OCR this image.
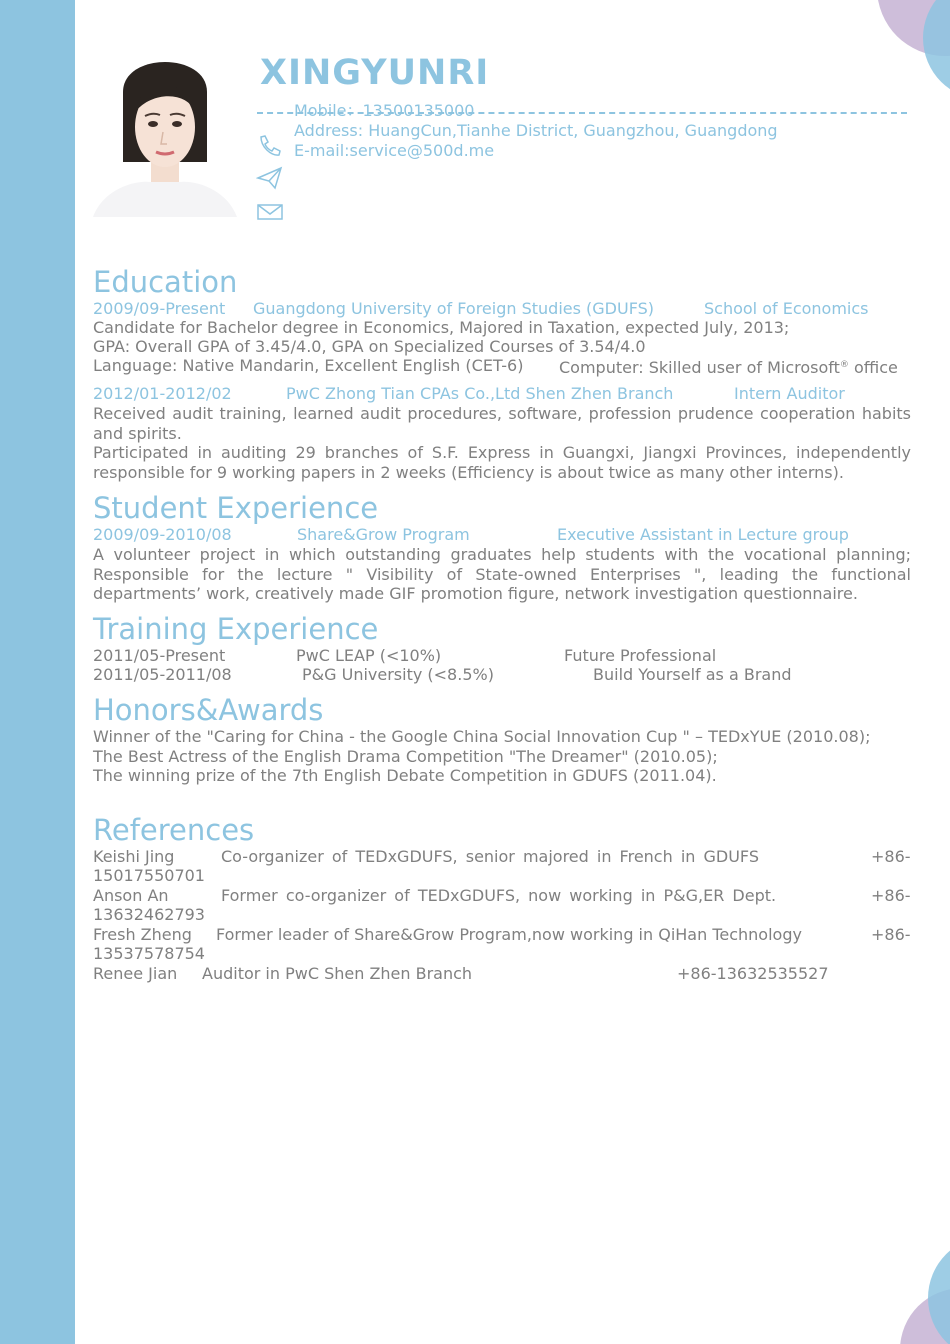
XINGYUNRI
Mobile：13500135000
Address: HuangCun,Tianhe District, Guangzhou, Guangdong
E-mail:service@500d.me
Education
2009/09-Present Guangdong University of Foreign Studies (GDUFS)	School of Economics
Candidate for Bachelor degree in Economics, Majored in Taxation, expected July, 2013;
GPA: Overall GPA of 3.45/4.0, GPA on Specialized Courses of 3.54/4.0
Language: Native Mandarin, Excellent English (CET-6) Computer: Skilled user of Microsoft® office
2012/01-2012/02	PwC Zhong Tian CPAs Co.,Ltd Shen Zhen Branch	Intern Auditor

Received audit training, learned audit procedures, software, profession prudence cooperation habits and spirits.

Participated in auditing 29 branches of S.F. Express in Guangxi, Jiangxi Provinces, independently responsible for 9 working papers in 2 weeks (Efficiency is about twice as many other interns).

Student Experience
2009/09-2010/08	Share&Grow Program	Executive Assistant in Lecture group

A volunteer project in which outstanding graduates help students with the vocational planning; Responsible for the lecture " Visibility of State-owned Enterprises ", leading the functional departments’ work, creatively made GIF promotion figure, network investigation questionnaire.

Training Experience
2011/05-Present	PwC LEAP (<10%)	Future Professional
2011/05-2011/08	P&G University (<8.5%)	Build Yourself as a Brand
Honors&Awards
Winner of the "Caring for China - the Google China Social Innovation Cup " – TEDxYUE (2010.08);
The Best Actress of the English Drama Competition "The Dreamer" (2010.05);
The winning prize of the 7th English Debate Competition in GDUFS (2011.04).
References
Keishi Jing	Co-organizer of TEDxGDUFS, senior majored in French in GDUFS	+86-
15017550701
Anson An	Former co-organizer of TEDxGDUFS, now working in P&G,ER Dept.	+86-
13632462793
Fresh Zheng Former leader of Share&Grow Program,now working in QiHan Technology	+86-
13537578754
Renee Jian Auditor in PwC Shen Zhen Branch	+86-13632535527
